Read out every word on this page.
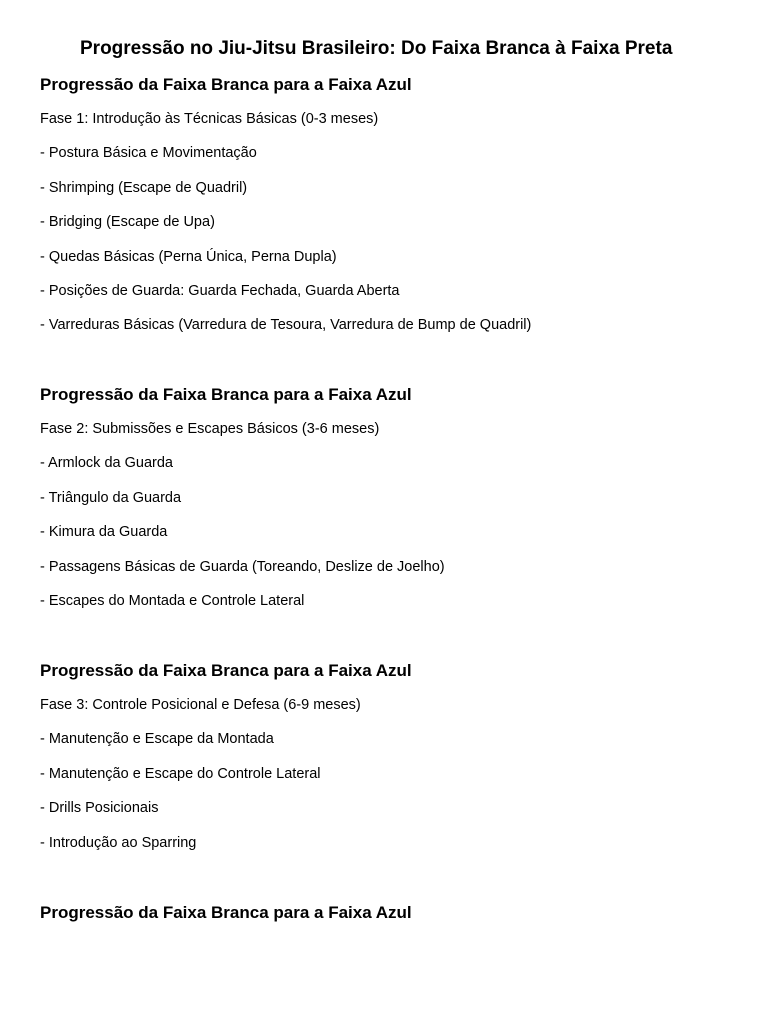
Progressão no Jiu-Jitsu Brasileiro: Do Faixa Branca à Faixa Preta
Progressão da Faixa Branca para a Faixa Azul

Fase 1: Introdução às Técnicas Básicas (0-3 meses)

- Postura Básica e Movimentação
- Shrimping (Escape de Quadril)
- Bridging (Escape de Upa)
- Quedas Básicas (Perna Única, Perna Dupla)
- Posições de Guarda: Guarda Fechada, Guarda Aberta
- Varreduras Básicas (Varredura de Tesoura, Varredura de Bump de Quadril)
Progressão da Faixa Branca para a Faixa Azul

Fase 2: Submissões e Escapes Básicos (3-6 meses)

- Armlock da Guarda
- Triângulo da Guarda
- Kimura da Guarda
- Passagens Básicas de Guarda (Toreando, Deslize de Joelho)
- Escapes do Montada e Controle Lateral
Progressão da Faixa Branca para a Faixa Azul

Fase 3: Controle Posicional e Defesa (6-9 meses)

- Manutenção e Escape da Montada
- Manutenção e Escape do Controle Lateral
- Drills Posicionais
- Introdução ao Sparring
Progressão da Faixa Branca para a Faixa Azul
